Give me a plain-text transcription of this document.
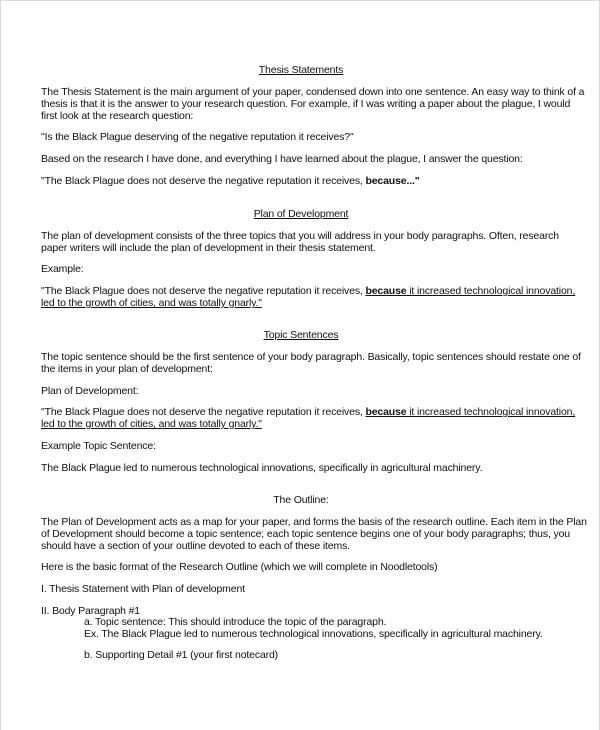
Thesis Statements
The Thesis Statement is the main argument of your paper, condensed down into one sentence. An easy way to think of a
thesis is that it is the answer to your research question. For example, if I was writing a paper about the plague, I would
first look at the research question:
"Is the Black Plague deserving of the negative reputation it receives?"
Based on the research I have done, and everything I have learned about the plague, I answer the question:
"The Black Plague does not deserve the negative reputation it receives, because..."
Plan of Development
The plan of development consists of the three topics that you will address in your body paragraphs. Often, research
paper writers will include the plan of development in their thesis statement.
Example:
"The Black Plague does not deserve the negative reputation it receives, because it increased technological innovation,
led to the growth of cities, and was totally gnarly."
Topic Sentences
The topic sentence should be the first sentence of your body paragraph. Basically, topic sentences should restate one of
the items in your plan of development:
Plan of Development:
"The Black Plague does not deserve the negative reputation it receives, because it increased technological innovation,
led to the growth of cities, and was totally gnarly."
Example Topic Sentence:
The Black Plague led to numerous technological innovations, specifically in agricultural machinery.
The Outline:
The Plan of Development acts as a map for your paper, and forms the basis of the research outline. Each item in the Plan
of Development should become a topic sentence; each topic sentence begins one of your body paragraphs; thus, you
should have a section of your outline devoted to each of these items.
Here is the basic format of the Research Outline (which we will complete in Noodletools)
I. Thesis Statement with Plan of development
II. Body Paragraph #1
a. Topic sentence: This should introduce the topic of the paragraph.
Ex. The Black Plague led to numerous technological innovations, specifically in agricultural machinery.
b. Supporting Detail #1 (your first notecard)
